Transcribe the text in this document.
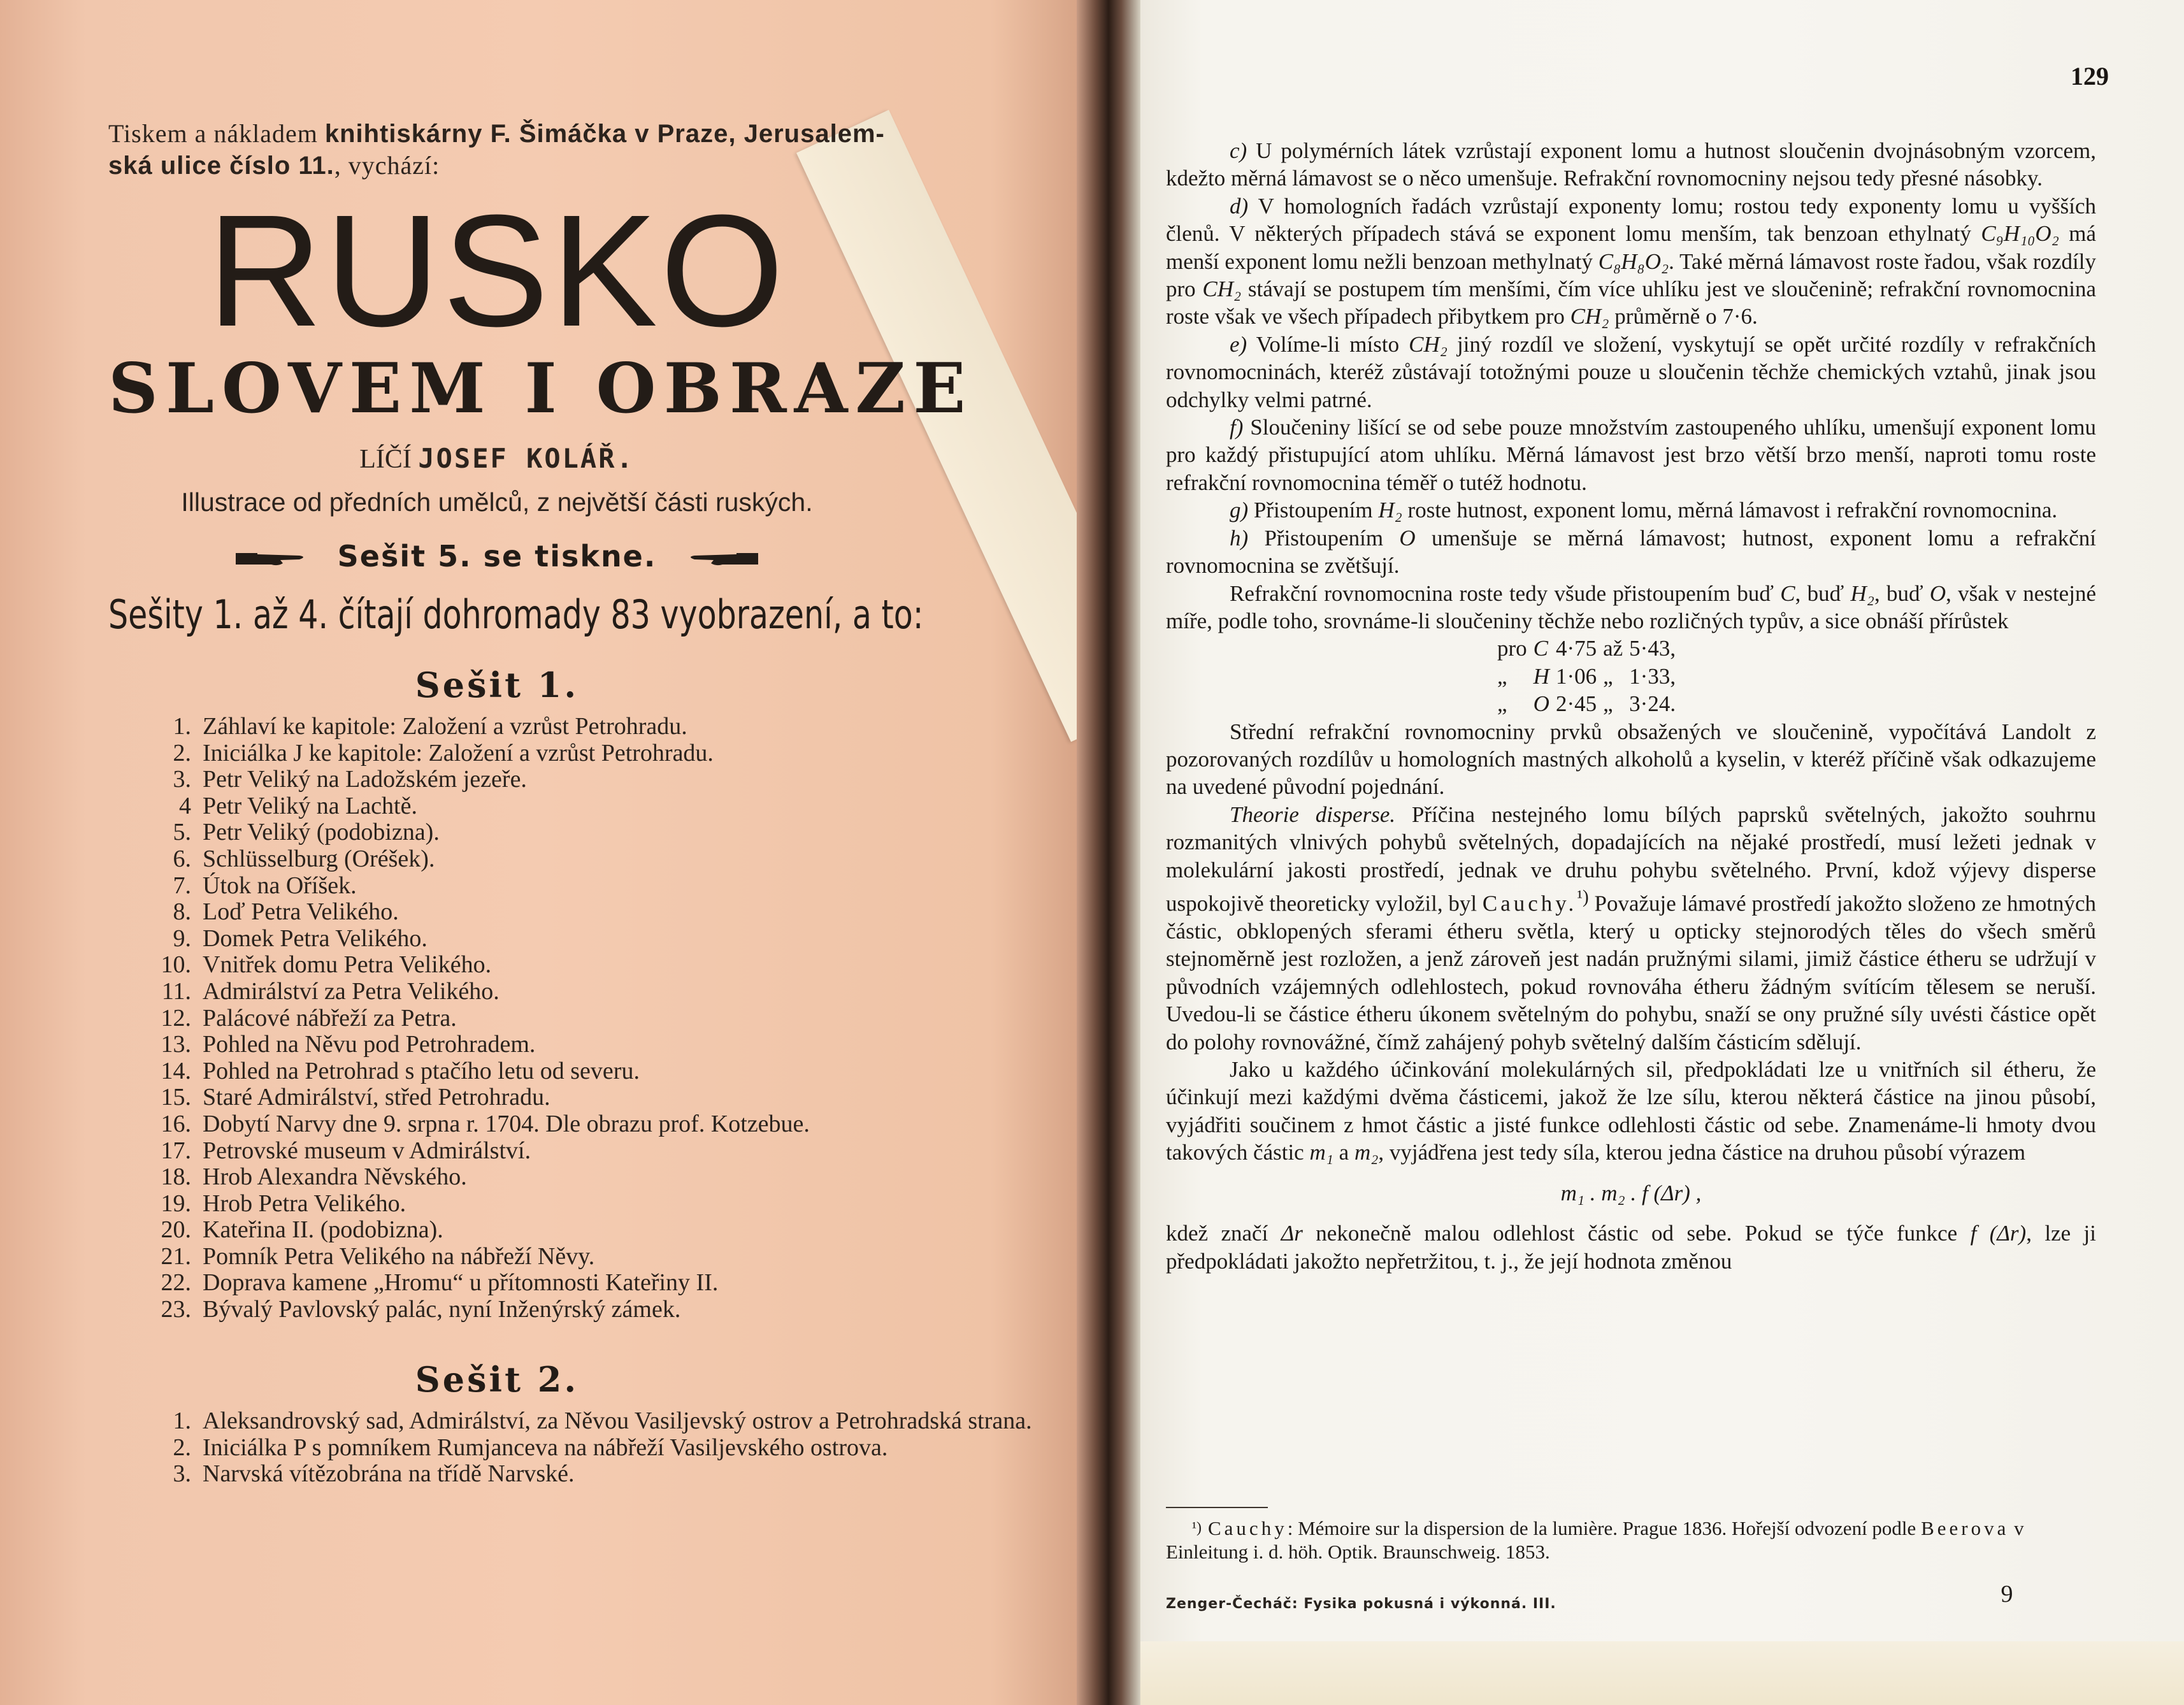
Tiskem a nákladem knihtiskárny F. Šimáčka v Praze, Jerusalem-
ská ulice číslo 11., vychází:
RUSKO
SLOVEM I OBRAZE
LÍČÍ JOSEF KOLÁŘ.
Illustrace od předních umělců, z největší části ruských.
Sešit 5. se tiskne.
Sešity 1. až 4. čítají dohromady 83 vyobrazení, a to:
Sešit 1.
1. Záhlaví ke kapitole: Založení a vzrůst Petrohradu.
2. Iniciálka J ke kapitole: Založení a vzrůst Petrohradu.
3. Petr Veliký na Ladožském jezeře.
4 Petr Veliký na Lachtě.
5. Petr Veliký (podobizna).
6. Schlüsselburg (Oréšek).
7. Útok na Oříšek.
8. Loď Petra Velikého.
9. Domek Petra Velikého.
10. Vnitřek domu Petra Velikého.
11. Admirálství za Petra Velikého.
12. Palácové nábřeží za Petra.
13. Pohled na Něvu pod Petrohradem.
14. Pohled na Petrohrad s ptačího letu od severu.
15. Staré Admirálství, střed Petrohradu.
16. Dobytí Narvy dne 9. srpna r. 1704. Dle obrazu prof. Kotzebue.
17. Petrovské museum v Admirálství.
18. Hrob Alexandra Něvského.
19. Hrob Petra Velikého.
20. Kateřina II. (podobizna).
21. Pomník Petra Velikého na nábřeží Něvy.
22. Doprava kamene „Hromu“ u přítomnosti Kateřiny II.
23. Bývalý Pavlovský palác, nyní Inženýrský zámek.
Sešit 2.
1. Aleksandrovský sad, Admirálství, za Něvou Vasiljevský ostrov a Petrohradská strana.
2. Iniciálka P s pomníkem Rumjanceva na nábřeží Vasiljevského ostrova.
3. Narvská vítězobrána na třídě Narvské.
129

c) U polymérních látek vzrůstají exponent lomu a hutnost sloučenin dvojnásobným vzorcem, kdežto měrná lámavost se o něco umenšuje. Refrakční rovnomocniny nejsou tedy přesné násobky.

d) V homologních řadách vzrůstají exponenty lomu; rostou tedy exponenty lomu u vyšších členů. V některých případech stává se exponent lomu menším, tak benzoan ethylnatý C₉H₁₀O₂ má menší exponent lomu nežli benzoan methylnatý C₈H₈O₂. Také měrná lámavost roste řadou, však rozdíly pro CH₂ stávají se postupem tím menšími, čím více uhlíku jest ve sloučenině; refrakční rovnomocnina roste však ve všech případech přibytkem pro CH₂ průměrně o 7·6.

e) Volíme-li místo CH₂ jiný rozdíl ve složení, vyskytují se opět určité rozdíly v refrakčních rovnomocninách, kteréž zůstávají totožnými pouze u sloučenin těchže chemických vztahů, jinak jsou odchylky velmi patrné.

f) Sloučeniny lišící se od sebe pouze množstvím zastoupeného uhlíku, umenšují exponent lomu pro každý přistupující atom uhlíku. Měrná lámavost jest brzo větší brzo menší, naproti tomu roste refrakční rovnomocnina téměř o tutéž hodnotu.

g) Přistoupením H₂ roste hutnost, exponent lomu, měrná lámavost i refrakční rovnomocnina.

h) Přistoupením O umenšuje se měrná lámavost; hutnost, exponent lomu a refrakční rovnomocnina se zvětšují.

Refrakční rovnomocnina roste tedy všude přistoupením buď C, buď H₂, buď O, však v nestejné míře, podle toho, srovnáme-li sloučeniny těchže nebo rozličných typův, a sice obnáší přírůstek

pro	C	4·75	až	5·43,
„	H	1·06	„	1·33,
„	O	2·45	„	3·24.

Střední refrakční rovnomocniny prvků obsažených ve sloučenině, vypočítává Landolt z pozorovaných rozdílův u homologních mastných alkoholů a kyselin, v kteréž příčině však odkazujeme na uvedené původní pojednání.

Theorie disperse. Příčina nestejného lomu bílých paprsků světelných, jakožto souhrnu rozmanitých vlnivých pohybů světelných, dopadajících na nějaké prostředí, musí ležeti jednak v molekulární jakosti prostředí, jednak ve druhu pohybu světelného. První, kdož výjevy disperse uspokojivě theoreticky vyložil, byl Cauchy.$^{^1)}$ Považuje lámavé prostředí jakožto složeno ze hmotných částic, obklopených sferami étheru světla, který u opticky stejnorodých těles do všech směrů stejnoměrně jest rozložen, a jenž zároveň jest nadán pružnými silami, jimiž částice étheru se udržují v původních vzájemných odlehlostech, pokud rovnováha étheru žádným svítícím tělesem se neruší. Uvedou-li se částice étheru úkonem světelným do pohybu, snaží se ony pružné síly uvésti částice opět do polohy rovnovážné, čímž zahájený pohyb světelný dalším částicím sdělují.

Jako u každého účinkování molekulárných sil, předpokládati lze u vnitřních sil étheru, že účinkují mezi každými dvěma částicemi, jakož že lze sílu, kterou některá částice na jinou působí, vyjádřiti součinem z hmot částic a jisté funkce odlehlosti částic od sebe. Znamenáme-li hmoty dvou takových částic m₁ a m₂, vyjádřena jest tedy síla, kterou jedna částice na druhou působí výrazem

m₁ . m₂ . f (Δr) ,

kdež značí Δr nekonečně malou odlehlost částic od sebe. Pokud se týče funkce f (Δr), lze ji předpokládati jakožto nepřetržitou, t. j., že její hodnota změnou

¹) Cauchy: Mémoire sur la dispersion de la lumière. Prague 1836. Hořejší odvození podle Beerova v Einleitung i. d. höh. Optik. Braunschweig. 1853.
Zenger-Čecháč: Fysika pokusná i výkonná. III.	9
